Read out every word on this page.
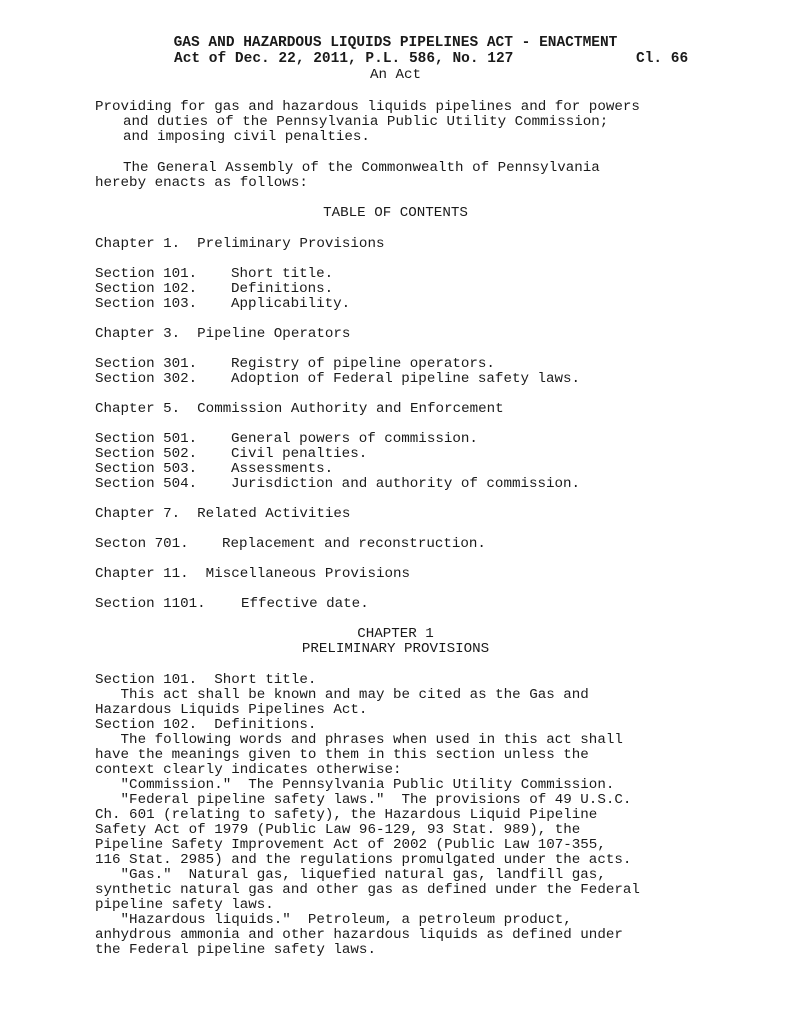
GAS AND HAZARDOUS LIQUIDS PIPELINES ACT - ENACTMENT
Act of Dec. 22, 2011, P.L. 586, No. 127	Cl. 66
An Act
Providing for gas and hazardous liquids pipelines and for powers
and duties of the Pennsylvania Public Utility Commission;
and imposing civil penalties.
The General Assembly of the Commonwealth of Pennsylvania
hereby enacts as follows:
TABLE OF CONTENTS
Chapter 1.  Preliminary Provisions
Section 101. Short title.
Section 102. Definitions.
Section 103. Applicability.
Chapter 3.  Pipeline Operators
Section 301. Registry of pipeline operators.
Section 302. Adoption of Federal pipeline safety laws.
Chapter 5.  Commission Authority and Enforcement
Section 501. General powers of commission.
Section 502. Civil penalties.
Section 503. Assessments.
Section 504. Jurisdiction and authority of commission.
Chapter 7.  Related Activities
Secton 701. Replacement and reconstruction.
Chapter 11.  Miscellaneous Provisions
Section 1101. Effective date.
CHAPTER 1
PRELIMINARY PROVISIONS
Section 101.  Short title.
This act shall be known and may be cited as the Gas and
Hazardous Liquids Pipelines Act.
Section 102.  Definitions.
The following words and phrases when used in this act shall
have the meanings given to them in this section unless the
context clearly indicates otherwise:
"Commission."  The Pennsylvania Public Utility Commission.
"Federal pipeline safety laws."  The provisions of 49 U.S.C.
Ch. 601 (relating to safety), the Hazardous Liquid Pipeline
Safety Act of 1979 (Public Law 96-129, 93 Stat. 989), the
Pipeline Safety Improvement Act of 2002 (Public Law 107-355,
116 Stat. 2985) and the regulations promulgated under the acts.
"Gas."  Natural gas, liquefied natural gas, landfill gas,
synthetic natural gas and other gas as defined under the Federal
pipeline safety laws.
"Hazardous liquids."  Petroleum, a petroleum product,
anhydrous ammonia and other hazardous liquids as defined under
the Federal pipeline safety laws.
